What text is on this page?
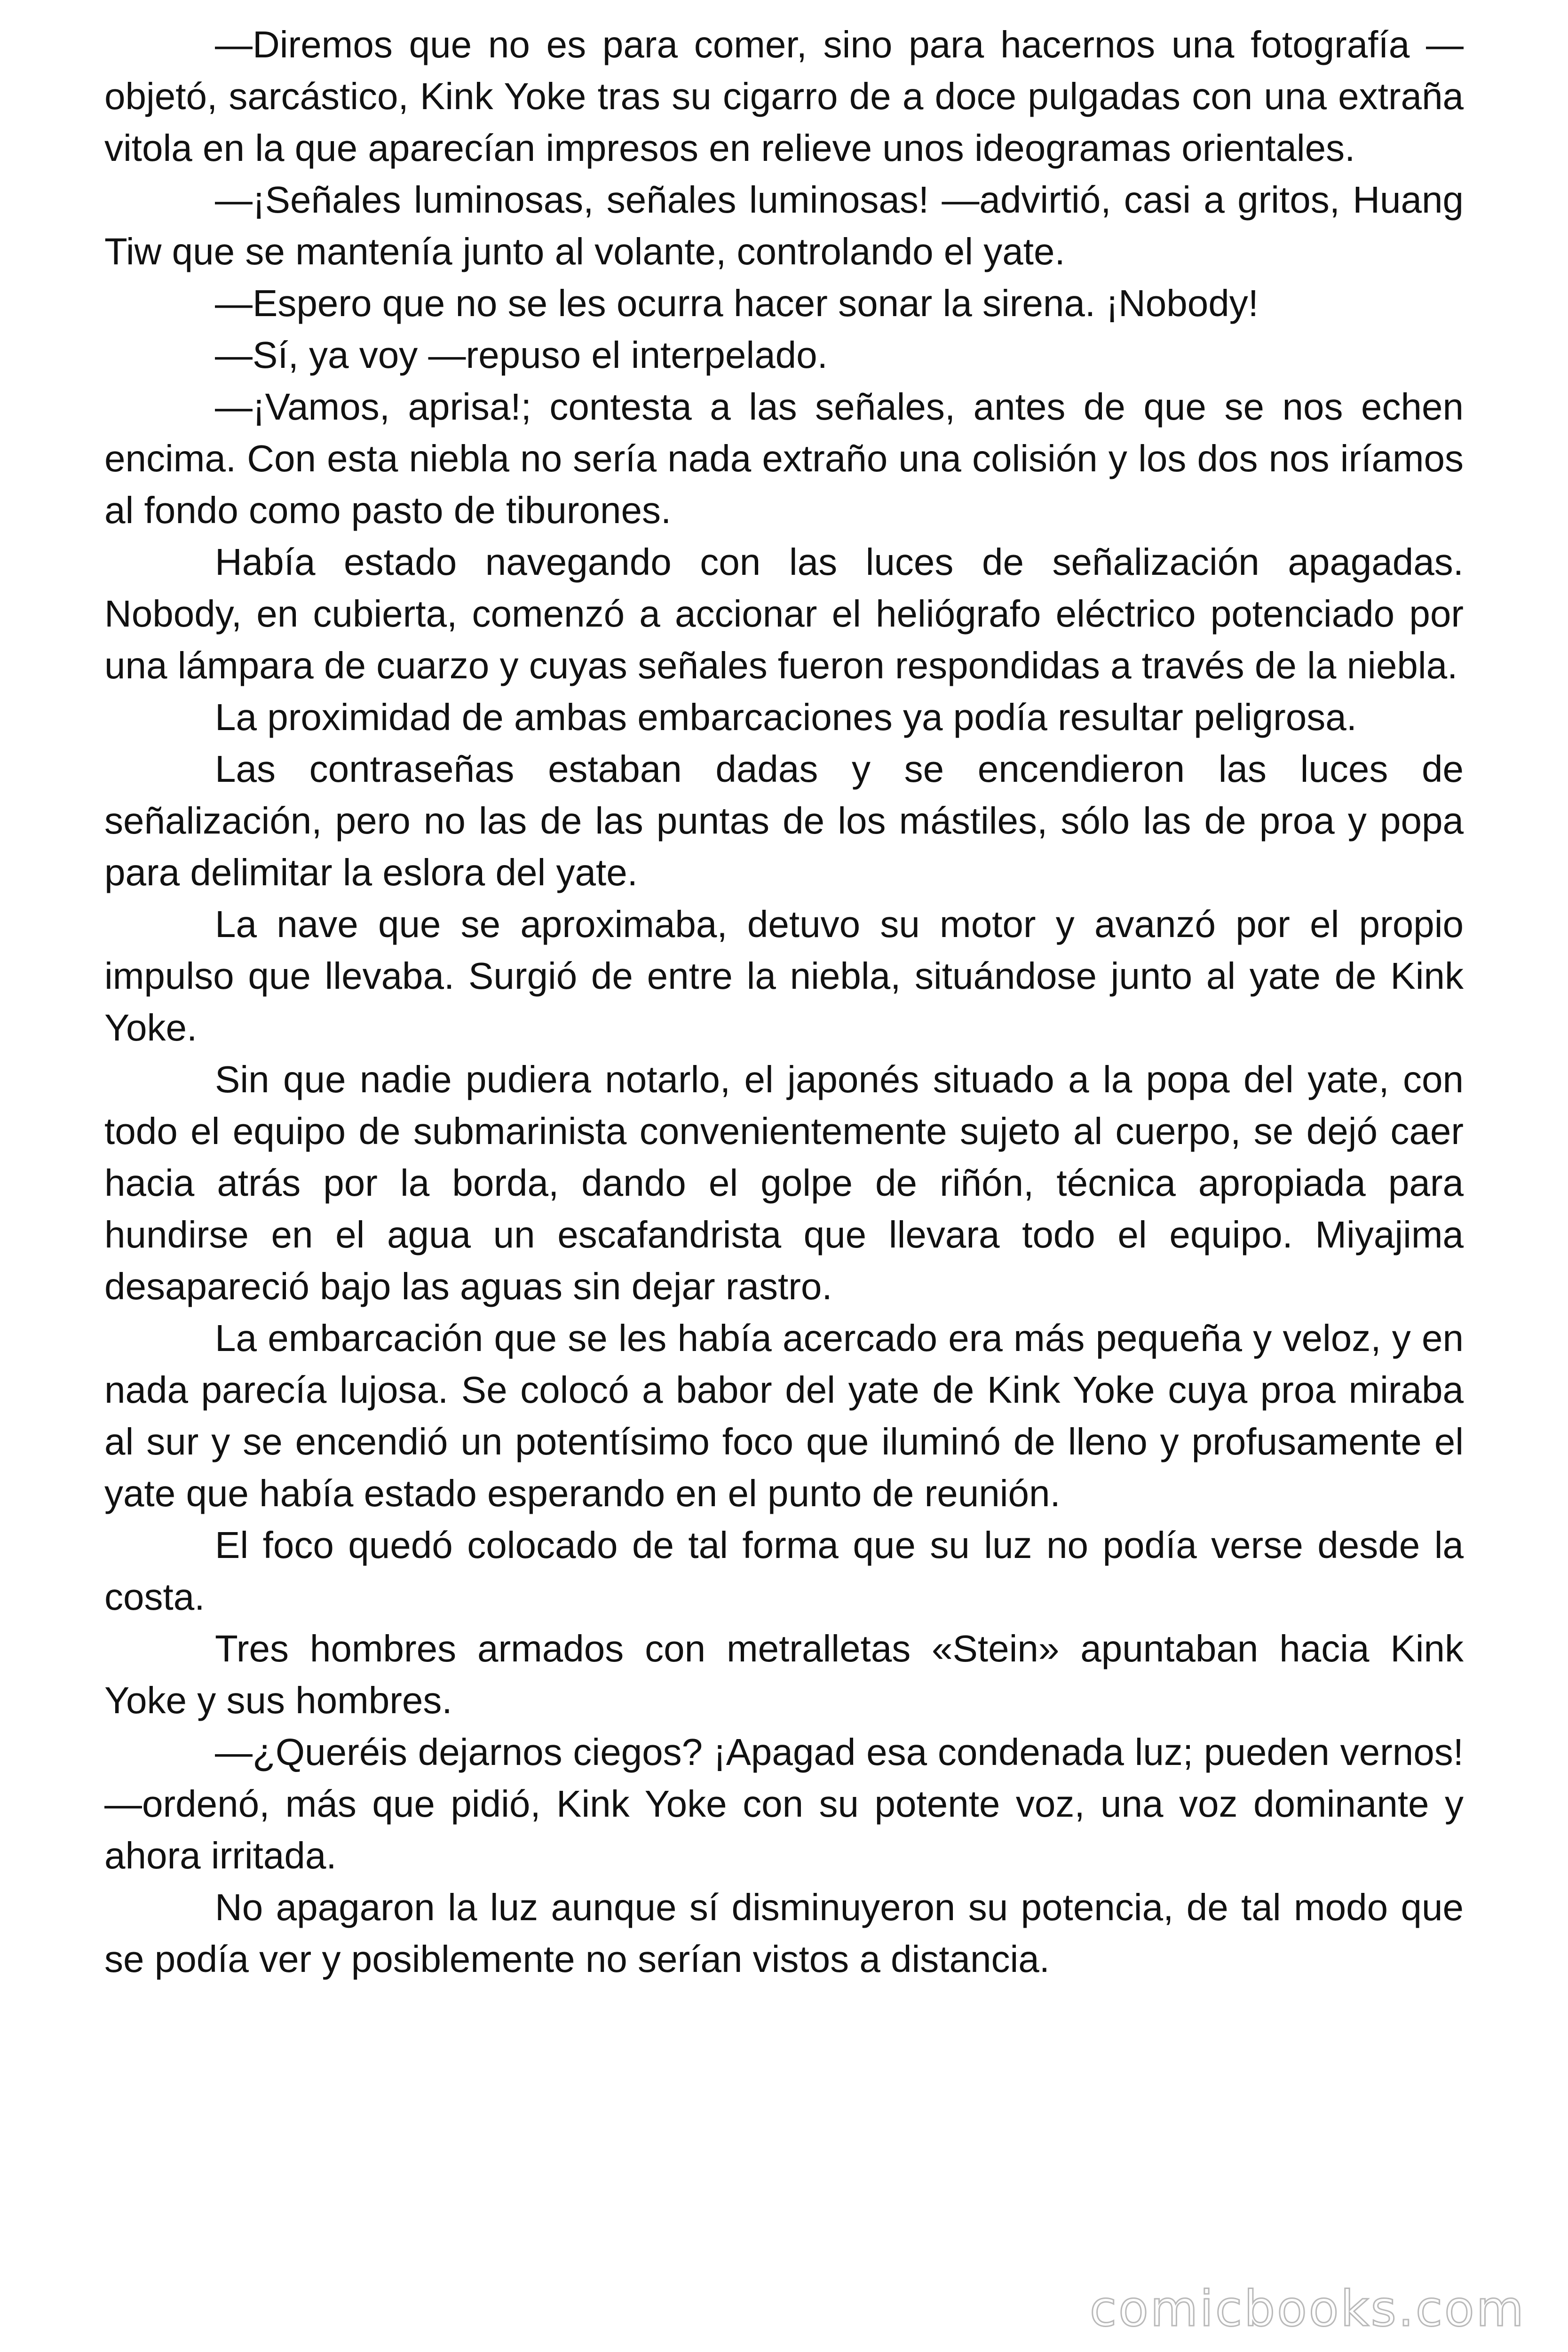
—Diremos que no es para comer, sino para hacernos una fotografía —objetó, sarcástico, Kink Yoke tras su cigarro de a doce pulgadas con una extraña vitola en la que aparecían impresos en relieve unos ideogramas orientales.

—¡Señales luminosas, señales luminosas! —advirtió, casi a gritos, Huang Tiw que se mantenía junto al volante, controlando el yate.

—Espero que no se les ocurra hacer sonar la sirena. ¡Nobody!

—Sí, ya voy —repuso el interpelado.

—¡Vamos, aprisa!; contesta a las señales, antes de que se nos echen encima. Con esta niebla no sería nada extraño una colisión y los dos nos iríamos al fondo como pasto de tiburones.

Había estado navegando con las luces de señalización apagadas. Nobody, en cubierta, comenzó a accionar el heliógrafo eléctrico potenciado por una lámpara de cuarzo y cuyas señales fueron respondidas a través de la niebla.

La proximidad de ambas embarcaciones ya podía resultar peligrosa.

Las contraseñas estaban dadas y se encendieron las luces de señalización, pero no las de las puntas de los mástiles, sólo las de proa y popa para delimitar la eslora del yate.

La nave que se aproximaba, detuvo su motor y avanzó por el propio impulso que llevaba. Surgió de entre la niebla, situándose junto al yate de Kink Yoke.

Sin que nadie pudiera notarlo, el japonés situado a la popa del yate, con todo el equipo de submarinista convenientemente sujeto al cuerpo, se dejó caer hacia atrás por la borda, dando el golpe de riñón, técnica apropiada para hundirse en el agua un escafandrista que llevara todo el equipo. Miyajima desapareció bajo las aguas sin dejar rastro.

La embarcación que se les había acercado era más pequeña y veloz, y en nada parecía lujosa. Se colocó a babor del yate de Kink Yoke cuya proa miraba al sur y se encendió un potentísimo foco que iluminó de lleno y profusamente el yate que había estado esperando en el punto de reunión.

El foco quedó colocado de tal forma que su luz no podía verse desde la costa.

Tres hombres armados con metralletas «Stein» apuntaban hacia Kink Yoke y sus hombres.

—¿Queréis dejarnos ciegos? ¡Apagad esa condenada luz; pueden vernos! —ordenó, más que pidió, Kink Yoke con su potente voz, una voz dominante y ahora irritada.

No apagaron la luz aunque sí disminuyeron su potencia, de tal modo que se podía ver y posiblemente no serían vistos a distancia.

comicbooks.com
